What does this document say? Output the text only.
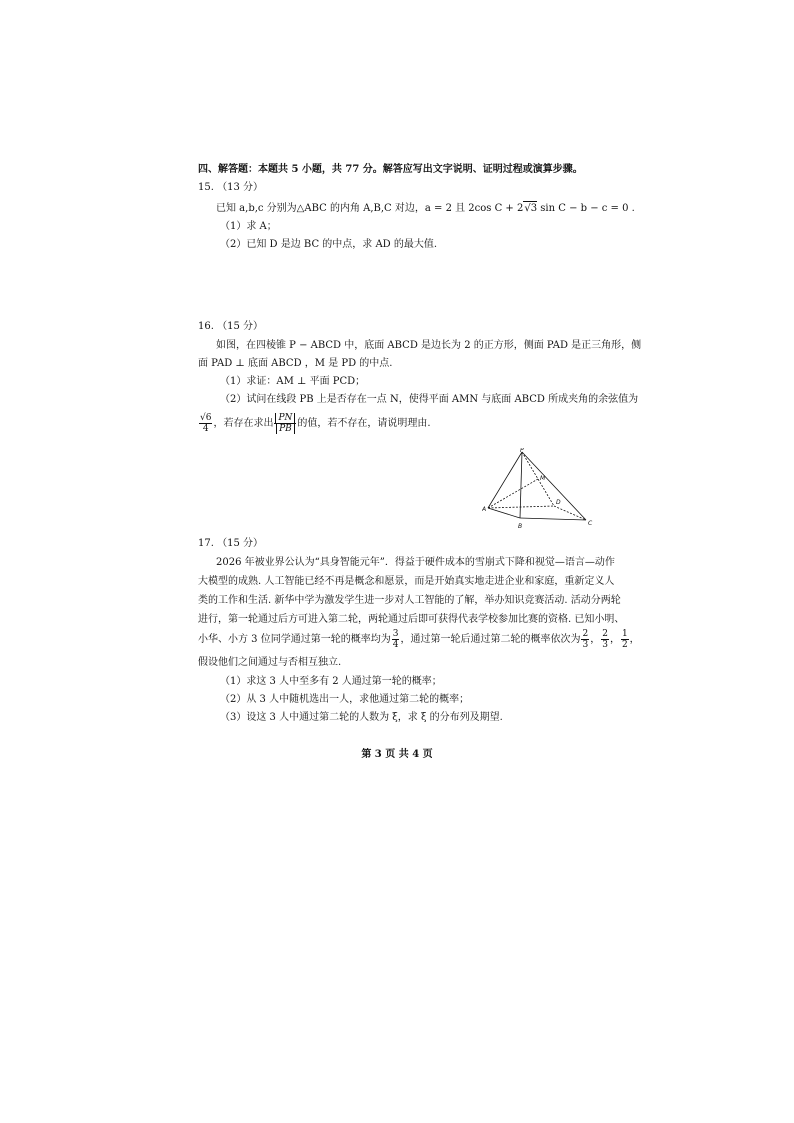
四、解答题：本题共 5 小题，共 77 分。解答应写出文字说明、证明过程或演算步骤。
15. （13 分）
已知 a,b,c 分别为△ABC 的内角 A,B,C 对边，a = 2 且 2cos C + 2√3 sin C − b − c = 0 .
（1）求 A；
（2）已知 D 是边 BC 的中点，求 AD 的最大值.
16. （15 分）
如图，在四棱锥 P − ABCD 中，底面 ABCD 是边长为 2 的正方形，侧面 PAD 是正三角形，侧
面 PAD ⊥ 底面 ABCD ，M 是 PD 的中点.
（1）求证：AM ⊥ 平面 PCD；
（2）试问在线段 PB 上是否存在一点 N，使得平面 AMN 与底面 ABCD 所成夹角的余弦值为
$\frac{√6}{4}$ ，若存在求出 $\frac{PN}{PB}$ 的值，若不存在，请说明理由.
P
M
D
A
B	C
17. （15 分）
2026 年被业界公认为“具身智能元年”．得益于硬件成本的雪崩式下降和视觉—语言—动作
大模型的成熟. 人工智能已经不再是概念和愿景，而是开始真实地走进企业和家庭，重新定义人
类的工作和生活. 新华中学为激发学生进一步对人工智能的了解，举办知识竞赛活动. 活动分两轮
进行，第一轮通过后方可进入第二轮，两轮通过后即可获得代表学校参加比赛的资格. 已知小明、
小华、小方 3 位同学通过第一轮的概率均为 $\frac{3}{4}$ ，通过第一轮后通过第二轮的概率依次为 $\frac{2}{3}$ ， $\frac{2}{3}$ ， $\frac{1}{2}$ ，
假设他们之间通过与否相互独立.
（1）求这 3 人中至多有 2 人通过第一轮的概率；
（2）从 3 人中随机选出一人，求他通过第二轮的概率；
（3）设这 3 人中通过第二轮的人数为 ξ，求 ξ 的分布列及期望.
第 3 页 共 4 页
